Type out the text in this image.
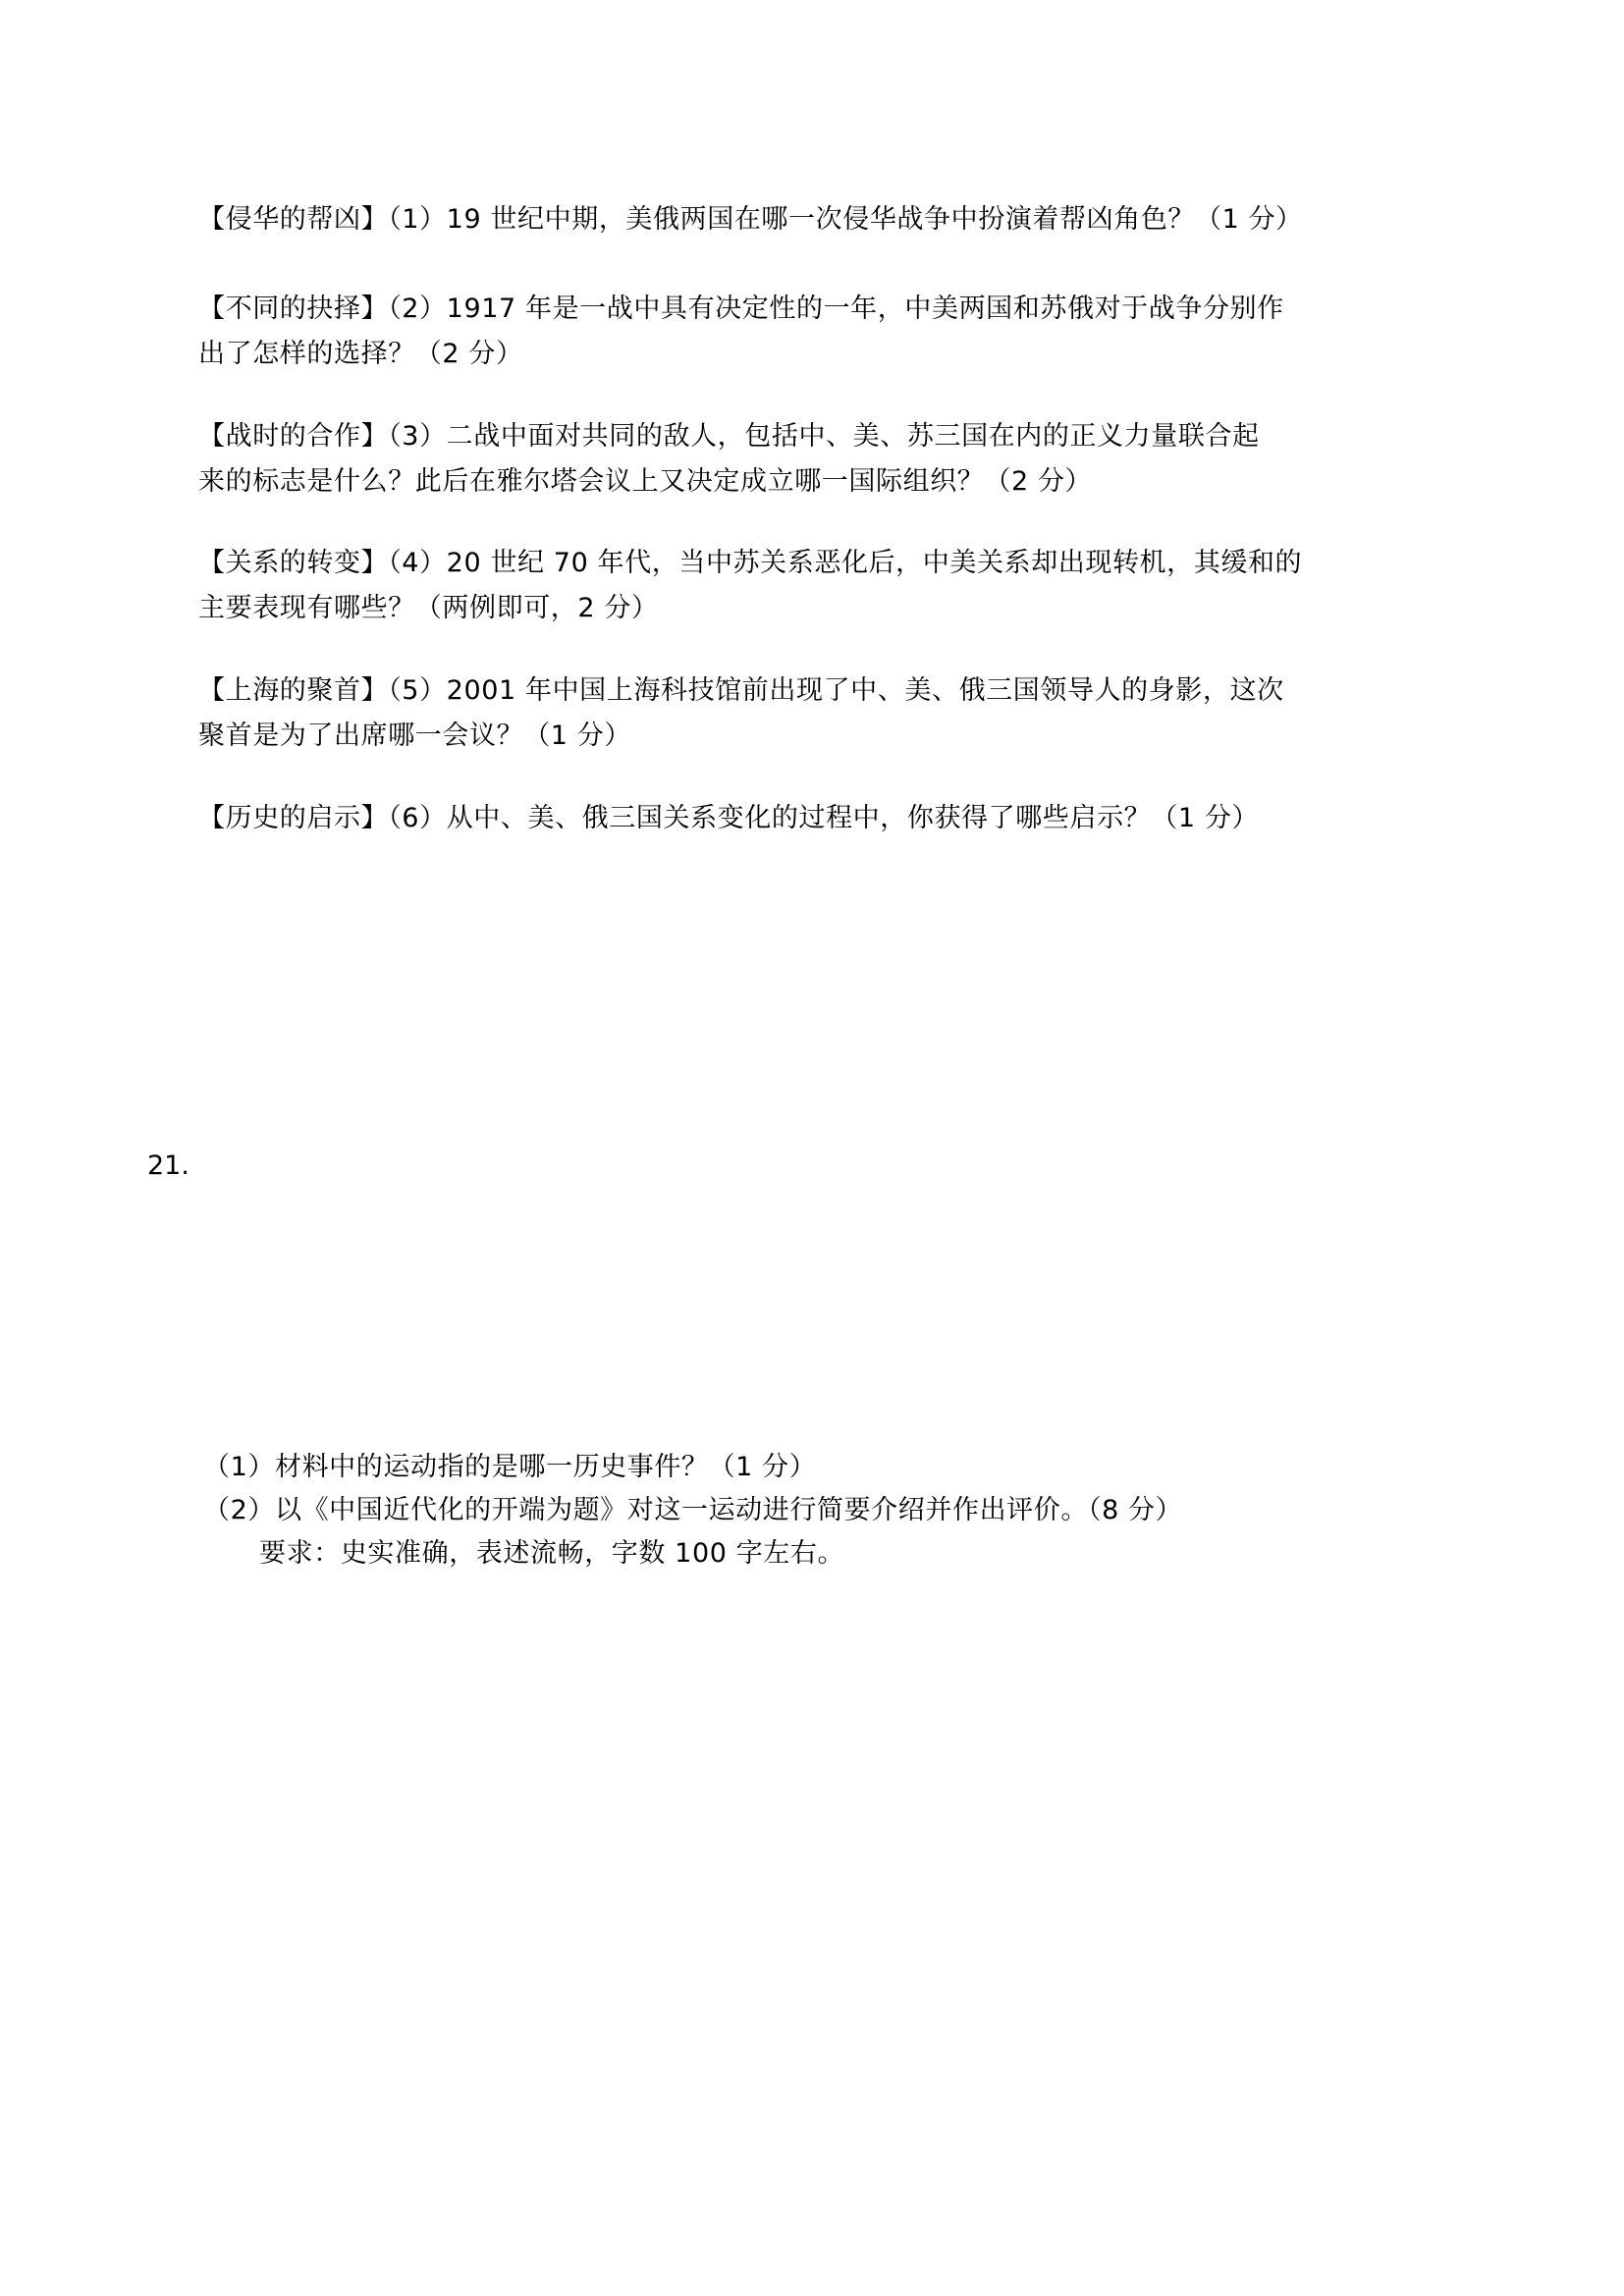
【侵华的帮凶】（1）19 世纪中期，美俄两国在哪一次侵华战争中扮演着帮凶角色？（1 分）
【不同的抉择】（2）1917 年是一战中具有决定性的一年，中美两国和苏俄对于战争分别作
出了怎样的选择？（2 分）
【战时的合作】（3）二战中面对共同的敌人，包括中、美、苏三国在内的正义力量联合起
来的标志是什么？此后在雅尔塔会议上又决定成立哪一国际组织？（2 分）
【关系的转变】（4）20 世纪 70 年代，当中苏关系恶化后，中美关系却出现转机，其缓和的
主要表现有哪些？（两例即可，2 分）
【上海的聚首】（5）2001 年中国上海科技馆前出现了中、美、俄三国领导人的身影，这次
聚首是为了出席哪一会议？（1 分）
【历史的启示】（6）从中、美、俄三国关系变化的过程中，你获得了哪些启示？（1 分）
21.
（1）材料中的运动指的是哪一历史事件？（1 分）
（2）以《中国近代化的开端为题》对这一运动进行简要介绍并作出评价。（8 分）
要求：史实准确，表述流畅，字数 100 字左右。
